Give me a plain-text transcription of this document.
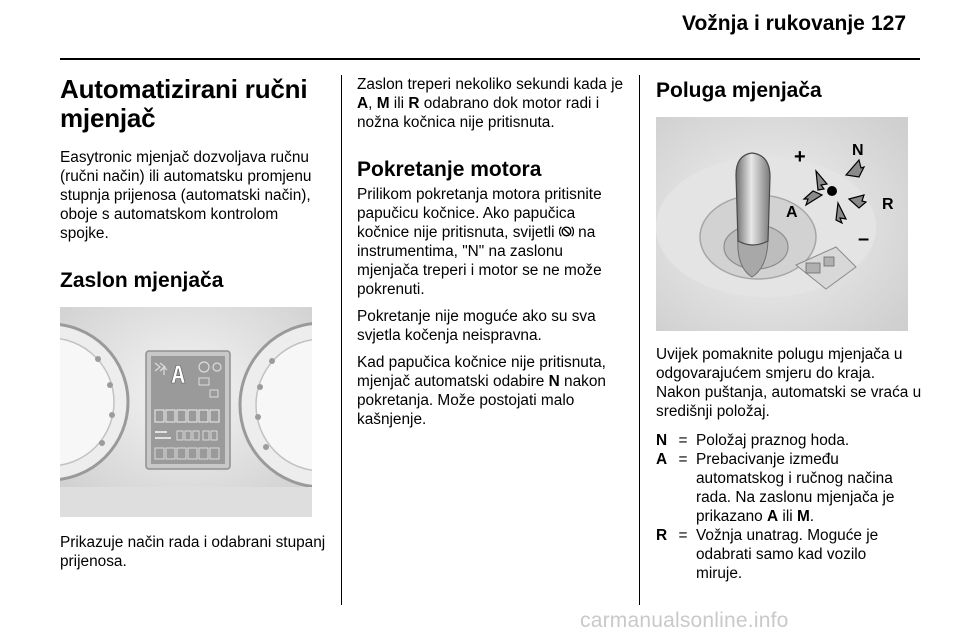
Vožnja i rukovanje 127
Automatizirani ručni mjenjač

Easytronic mjenjač dozvoljava ručnu (ručni način) ili automatsku promjenu stupnja prijenosa (automatski način), oboje s automatskom kontrolom spojke.

Zaslon mjenjača
A

Prikazuje način rada i odabrani stupanj prijenosa.

Zaslon treperi nekoliko sekundi kada je A, M ili R odabrano dok motor radi i nožna kočnica nije pritisnuta.

Pokretanje motora

Prilikom pokretanja motora pritisnite papučicu kočnice. Ako papučica kočnice nije pritisnuta, svijetli  na instrumentima, "N" na zaslonu mjenjača treperi i motor se ne može pokrenuti.

Pokretanje nije moguće ako su sva svjetla kočenja neispravna.

Kad papučica kočnice nije pritisnuta, mjenjač automatski odabire N nakon pokretanja. Može postojati malo kašnjenje.

Poluga mjenjača
+	N
R
A
–

Uvijek pomaknite polugu mjenjača u odgovarajućem smjeru do kraja. Nakon puštanja, automatski se vraća u središnji položaj.

N = Položaj praznog hoda.
A = Prebacivanje između automatskog i ručnog načina rada. Na zaslonu mjenjača je prikazano A ili M.
R = Vožnja unatrag. Moguće je odabrati samo kad vozilo miruje.
carmanualsonline.info
